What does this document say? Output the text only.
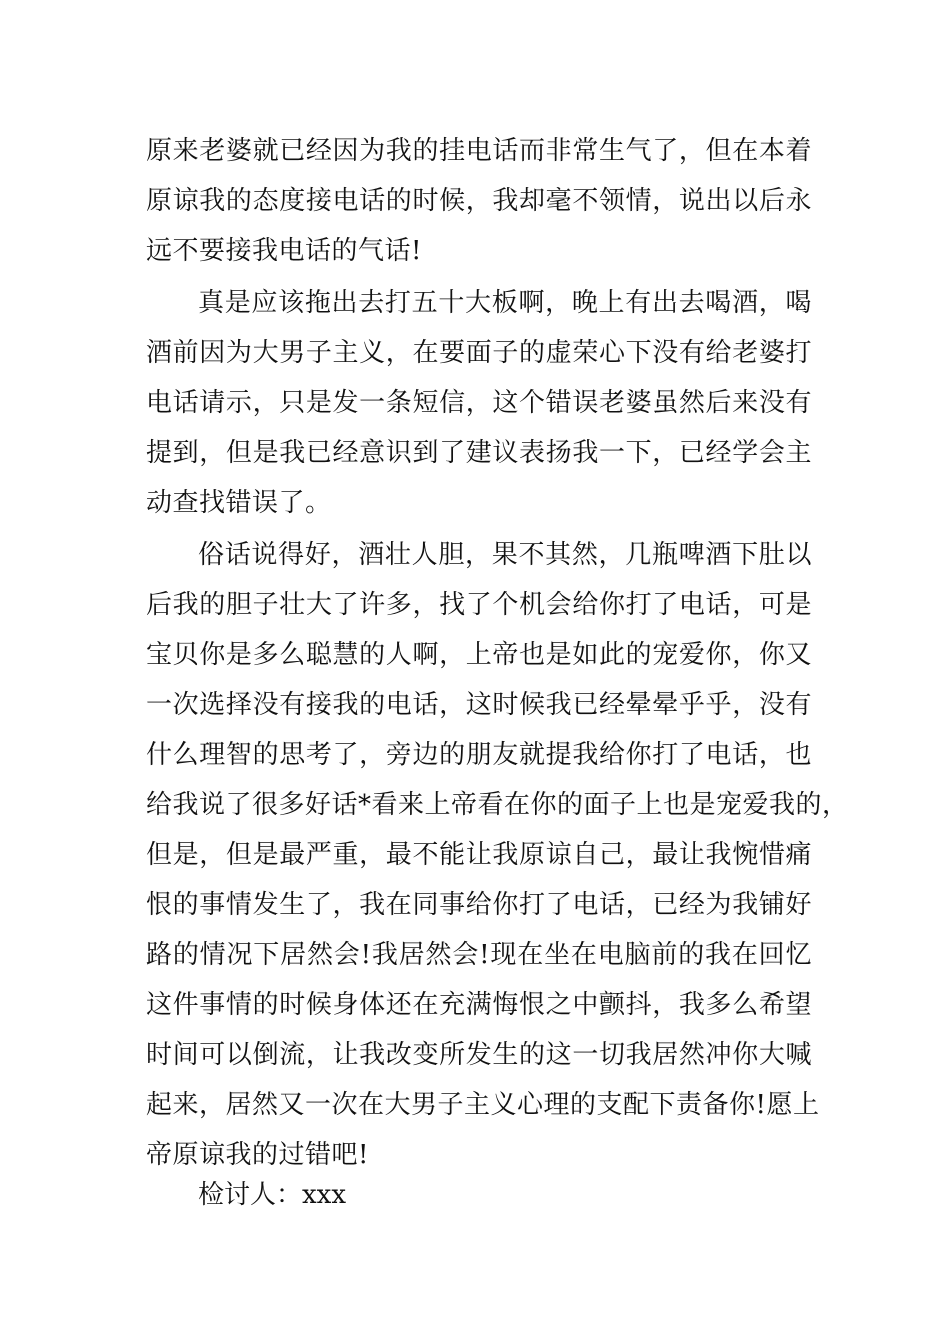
原来老婆就已经因为我的挂电话而非常生气了，但在本着
原谅我的态度接电话的时候，我却毫不领情，说出以后永
远不要接我电话的气话!
真是应该拖出去打五十大板啊，晚上有出去喝酒，喝
酒前因为大男子主义，在要面子的虚荣心下没有给老婆打
电话请示，只是发一条短信，这个错误老婆虽然后来没有
提到，但是我已经意识到了建议表扬我一下，已经学会主
动查找错误了。
俗话说得好，酒壮人胆，果不其然，几瓶啤酒下肚以
后我的胆子壮大了许多，找了个机会给你打了电话，可是
宝贝你是多么聪慧的人啊，上帝也是如此的宠爱你，你又
一次选择没有接我的电话，这时候我已经晕晕乎乎，没有
什么理智的思考了，旁边的朋友就提我给你打了电话，也
给我说了很多好话*看来上帝看在你的面子上也是宠爱我的，
但是，但是最严重，最不能让我原谅自己，最让我惋惜痛
恨的事情发生了，我在同事给你打了电话，已经为我铺好
路的情况下居然会!我居然会!现在坐在电脑前的我在回忆
这件事情的时候身体还在充满悔恨之中颤抖，我多么希望
时间可以倒流，让我改变所发生的这一切我居然冲你大喊
起来，居然又一次在大男子主义心理的支配下责备你!愿上
帝原谅我的过错吧!
检讨人：xxx
